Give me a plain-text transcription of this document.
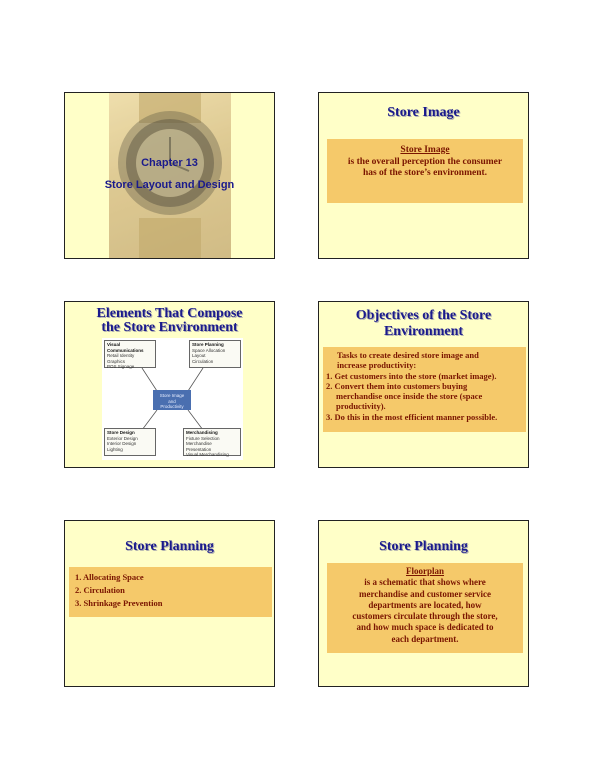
Chapter 13
Store Layout and Design
Store Image
Store Image
is the overall perception the consumer
has of the store’s environment.
Elements That Compose
the Store Environment
Visual Communications
Retail Identity
Graphics
POS Signage
Store Planning
Space Allocation
Layout
Circulation
Store Image
and
Productivity
Store Design
Exterior Design
Interior Design
Lighting
Merchandising
Fixture Selection
Merchandise Presentation
Visual Merchandising
Objectives of the Store
Environment

Tasks to create desired store image and

increase productivity:

1. Get customers into the store (market image).

2. Convert them into customers buying

merchandise once inside the store (space

productivity).

3. Do this in the most efficient manner possible.

Store Planning
1. Allocating Space
2. Circulation
3. Shrinkage Prevention
Store Planning
Floorplan
is a schematic that shows where
merchandise and customer service
departments are located, how
customers circulate through the store,
and how much space is dedicated to
each department.
